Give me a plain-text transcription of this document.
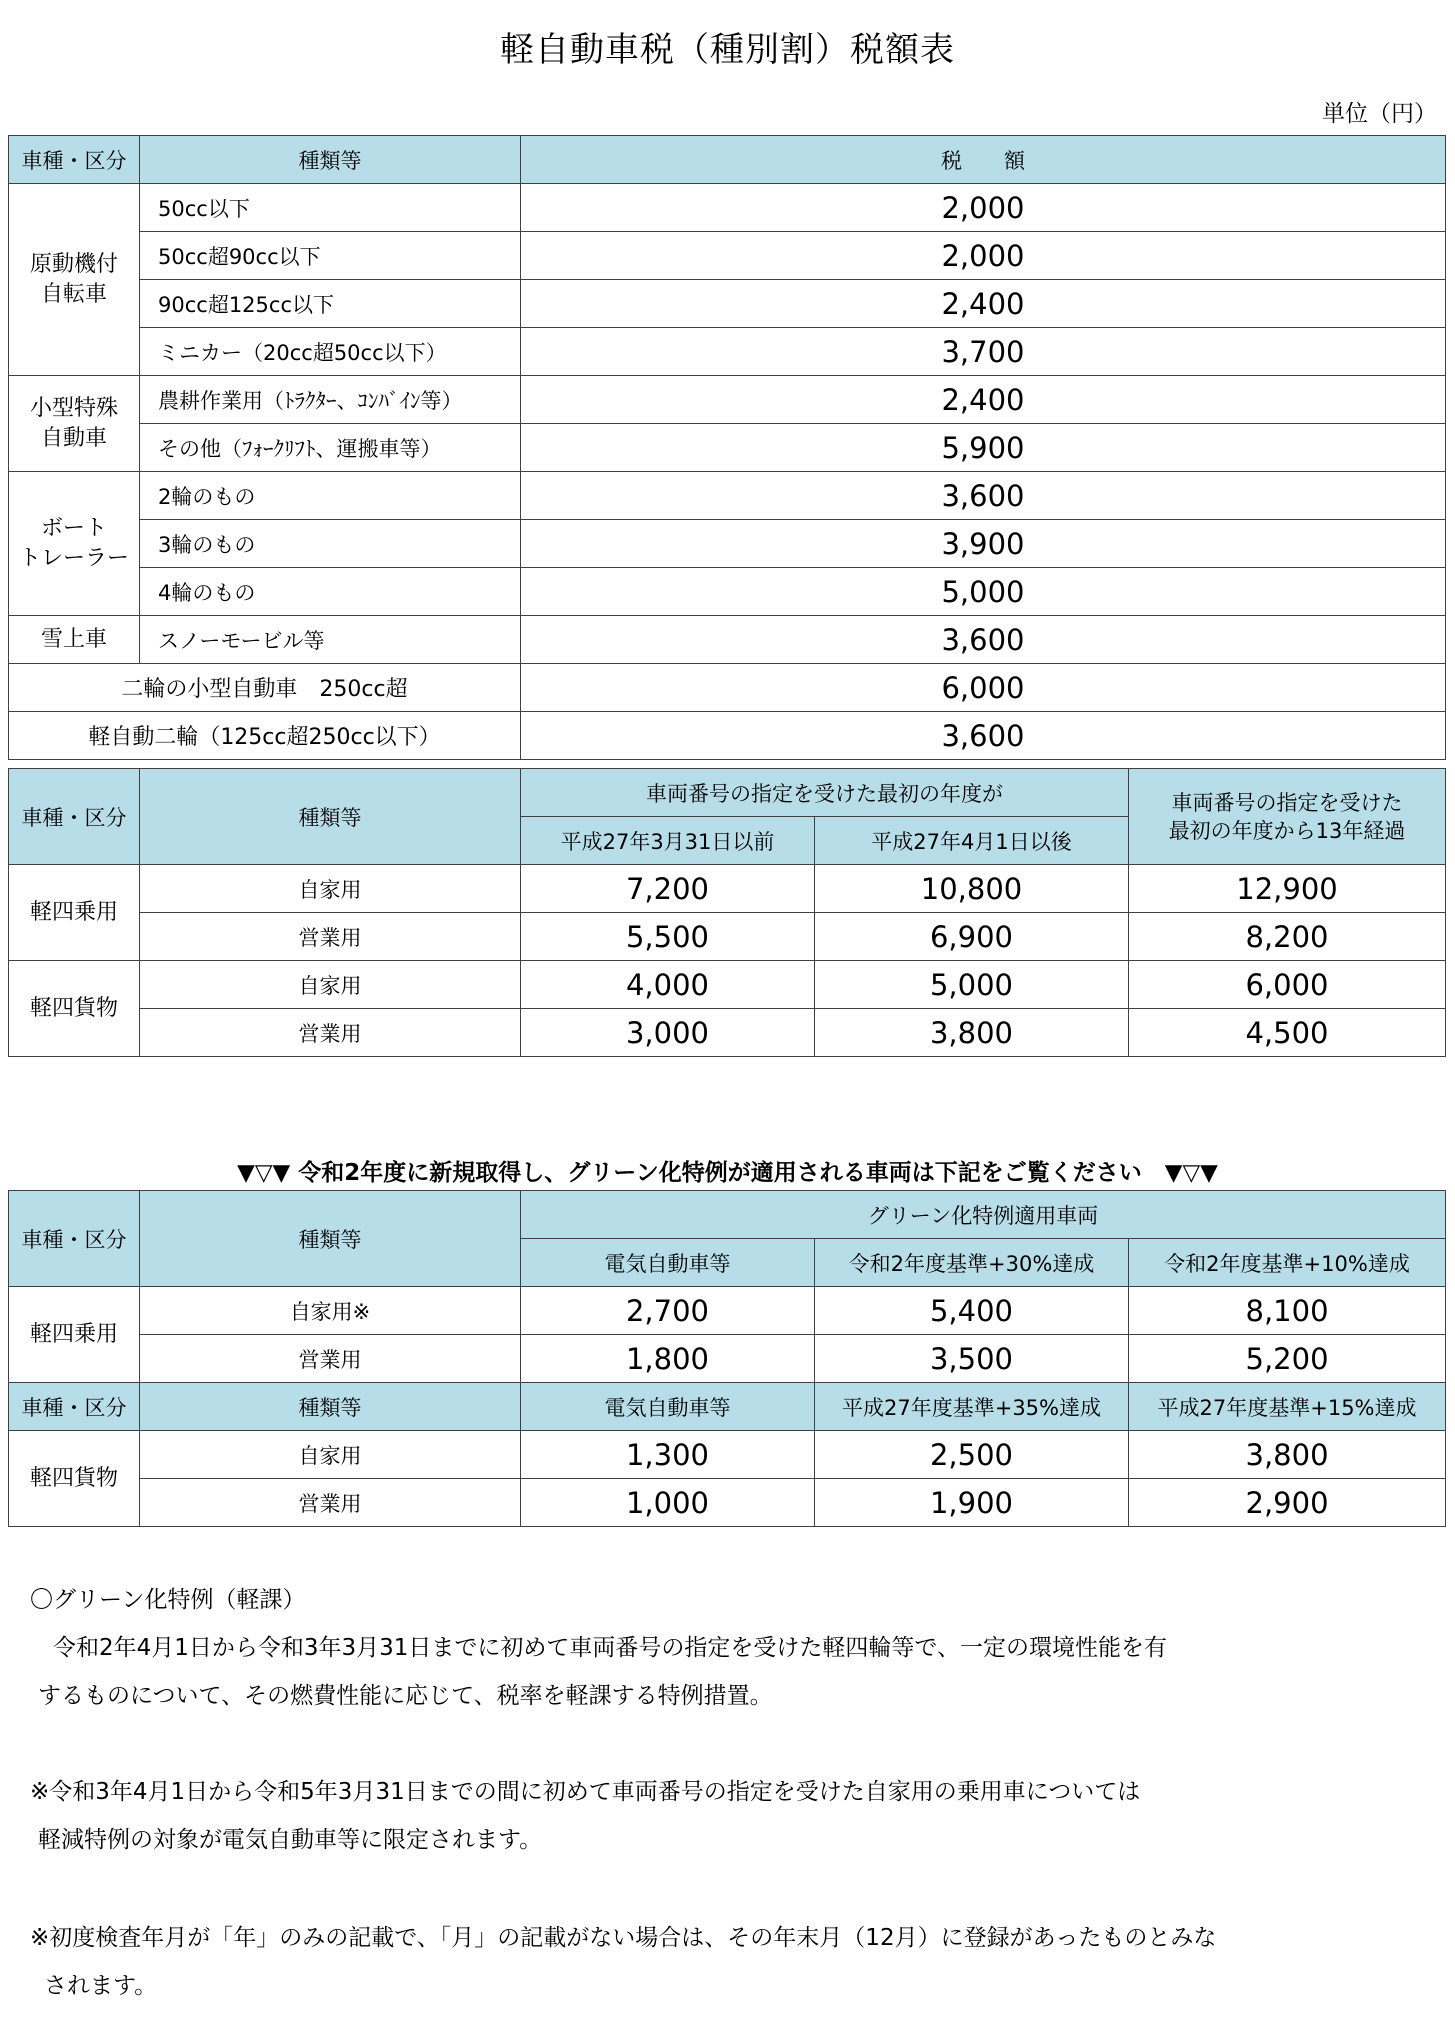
軽自動車税（種別割）税額表
単位（円）
車種・区分	種類等	税　　額
原動機付
自転車	50cc以下	2,000
	50cc超90cc以下	2,000
	90cc超125cc以下	2,400
	ミニカー（20cc超50cc以下）	3,700
小型特殊
自動車	農耕作業用（ﾄﾗｸﾀｰ、ｺﾝﾊﾞｲﾝ等）	2,400
	その他（ﾌｫｰｸﾘﾌﾄ、運搬車等）	5,900
ボート
トレーラー	2輪のもの	3,600
	3輪のもの	3,900
	4輪のもの	5,000
雪上車	スノーモービル等	3,600
二輪の小型自動車　250cc超		6,000
軽自動二輪（125cc超250cc以下）		3,600
車種・区分	種類等	車両番号の指定を受けた最初の年度が		車両番号の指定を受けた
最初の年度から13年経過
		平成27年3月31日以前	平成27年4月1日以後	
軽四乗用	自家用	7,200	10,800	12,900
	営業用	5,500	6,900	8,200
軽四貨物	自家用	4,000	5,000	6,000
	営業用	3,000	3,800	4,500
▼▽▼ 令和2年度に新規取得し、グリーン化特例が適用される車両は下記をご覧ください　▼▽▼
車種・区分	種類等	グリーン化特例適用車両		
		電気自動車等	令和2年度基準+30%達成	令和2年度基準+10%達成
軽四乗用	自家用※	2,700	5,400	8,100
	営業用	1,800	3,500	5,200
車種・区分	種類等	電気自動車等	平成27年度基準+35%達成	平成27年度基準+15%達成
軽四貨物	自家用	1,300	2,500	3,800
	営業用	1,000	1,900	2,900
〇グリーン化特例（軽課）
　令和2年4月1日から令和3年3月31日までに初めて車両番号の指定を受けた軽四輪等で、一定の環境性能を有
するものについて、その燃費性能に応じて、税率を軽課する特例措置。
※令和3年4月1日から令和5年3月31日までの間に初めて車両番号の指定を受けた自家用の乗用車については
軽減特例の対象が電気自動車等に限定されます。
※初度検査年月が「年」のみの記載で、「月」の記載がない場合は、その年末月（12月）に登録があったものとみな
されます。
